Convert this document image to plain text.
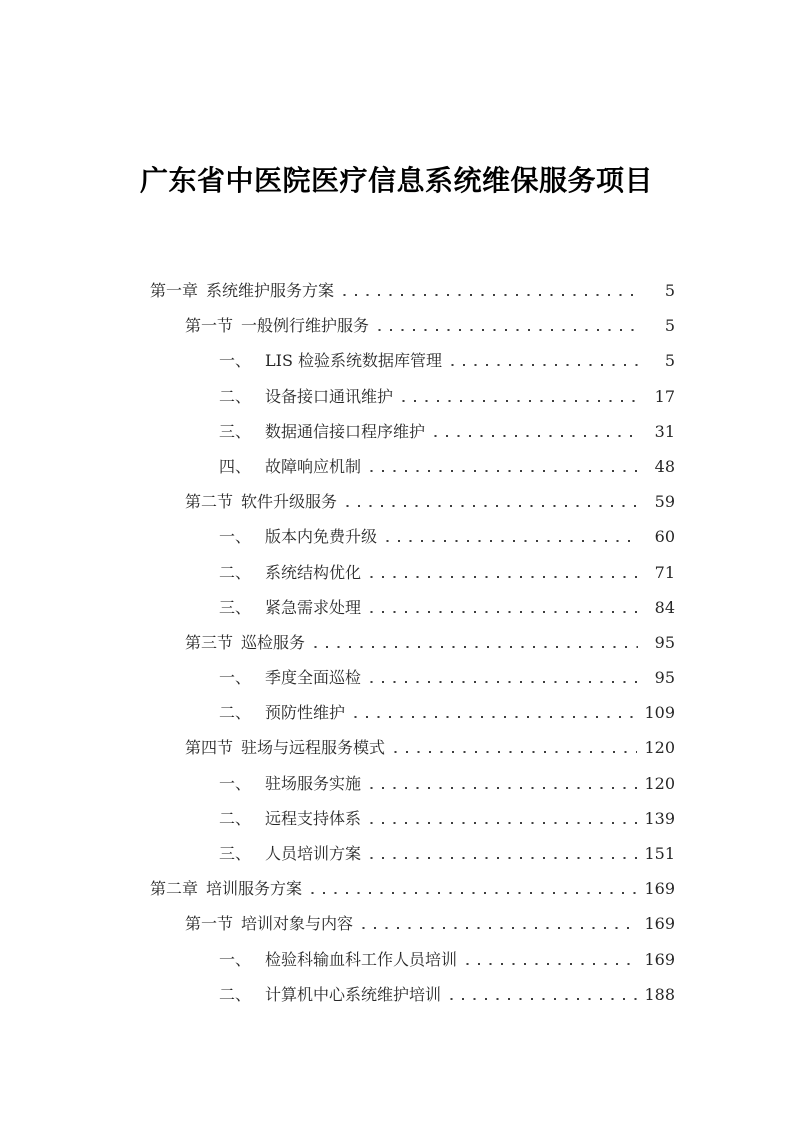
广东省中医院医疗信息系统维保服务项目
第一章 系统维护服务方案	5
第一节 一般例行维护服务	5
一、 LIS 检验系统数据库管理	5
二、 设备接口通讯维护	17
三、 数据通信接口程序维护	31
四、 故障响应机制	48
第二节 软件升级服务	59
一、 版本内免费升级	60
二、 系统结构优化	71
三、 紧急需求处理	84
第三节 巡检服务	95
一、 季度全面巡检	95
二、 预防性维护	109
第四节 驻场与远程服务模式	120
一、 驻场服务实施	120
二、 远程支持体系	139
三、 人员培训方案	151
第二章 培训服务方案	169
第一节 培训对象与内容	169
一、 检验科输血科工作人员培训	169
二、 计算机中心系统维护培训	188
